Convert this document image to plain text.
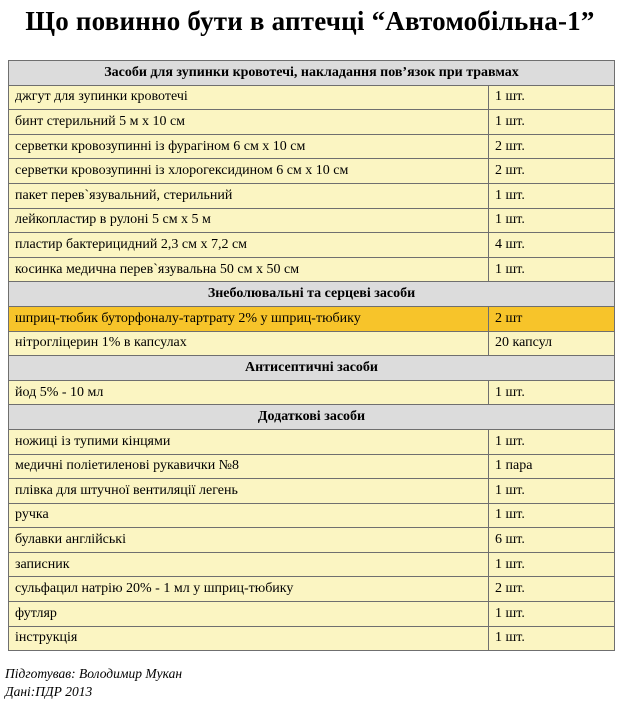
Що повинно бути в аптечці “Автомобільна-1”
Засоби для зупинки кровотечі, накладання пов’язок при травмах	
джгут для зупинки кровотечі	1 шт.
бинт стерильний 5 м х 10 см	1 шт.
серветки кровозупинні із фурагіном 6 см х 10 см	2 шт.
серветки кровозупинні із хлорогексидином 6 см х 10 см	2 шт.
пакет перев`язувальний, стерильний	1 шт.
лейкопластир в рулоні 5 см х 5 м	1 шт.
пластир бактерицидний 2,3 см х 7,2 см	4 шт.
косинка медична перев`язувальна 50 см х 50 см	1 шт.
Знеболювальні та серцеві засоби	
шприц-тюбик буторфоналу-тартрату 2% у шприц-тюбику	2 шт
нітрогліцерин 1% в капсулах	20 капсул
Антисептичні засоби	
йод 5% - 10 мл	1 шт.
Додаткові засоби	
ножиці із тупими кінцями	1 шт.
медичні поліетиленові рукавички №8	1 пара
плівка для штучної вентиляції легень	1 шт.
ручка	1 шт.
булавки англійські	6 шт.
записник	1 шт.
сульфацил натрію 20% - 1 мл у шприц-тюбику	2 шт.
футляр	1 шт.
інструкція	1 шт.
Підготував: Володимир Мукан
Дані:ПДР 2013
